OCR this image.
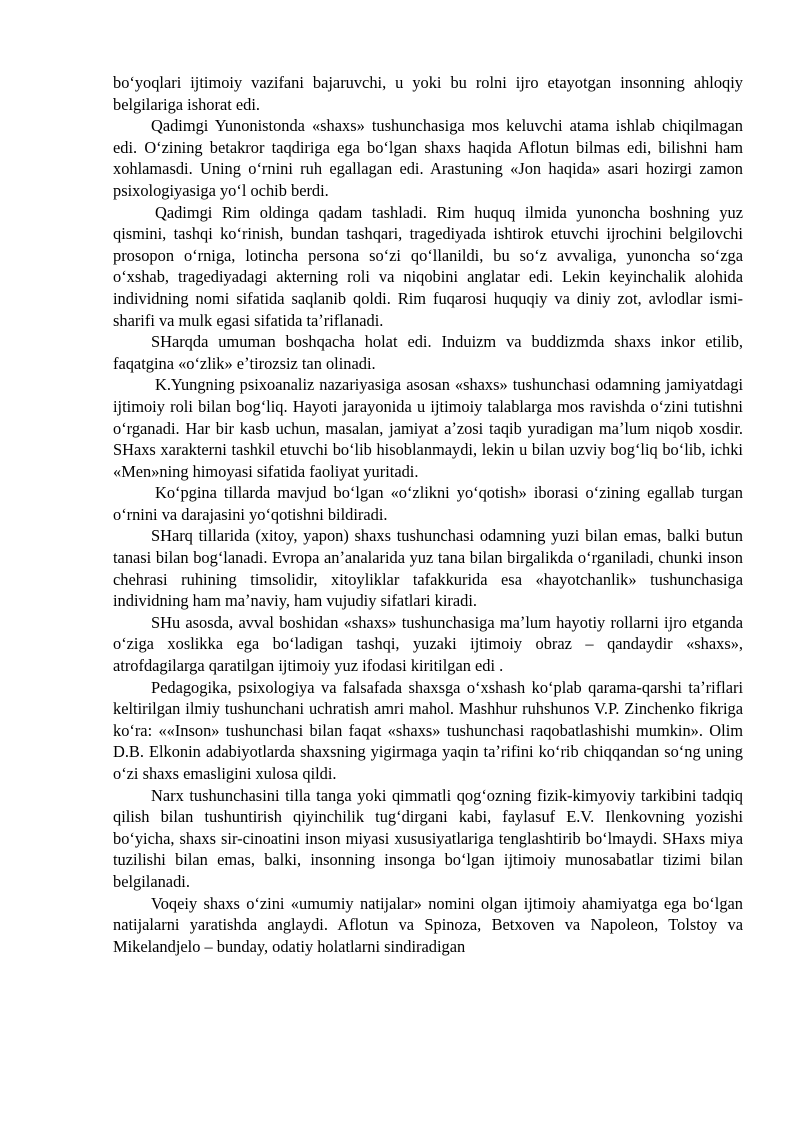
boʻyoqlari ijtimoiy vazifani bajaruvchi, u yoki bu rolni ijro etayotgan insonning ahloqiy belgilariga ishorat edi.

Qadimgi Yunonistonda «shaxs» tushunchasiga mos keluvchi atama ishlab chiqilmagan edi. Oʻzining betakror taqdiriga ega boʻlgan shaxs haqida Aflotun bilmas edi, bilishni ham xohlamasdi. Uning oʻrnini ruh egallagan edi. Arastuning «Jon haqida» asari hozirgi zamon psixologiyasiga yoʻl ochib berdi.

Qadimgi Rim oldinga qadam tashladi. Rim huquq ilmida yunoncha boshning yuz qismini, tashqi koʻrinish, bundan tashqari, tragediyada ishtirok etuvchi ijrochini belgilovchi prosopon oʻrniga, lotincha persona soʻzi qoʻllanildi, bu soʻz avvaliga, yunoncha soʻzga oʻxshab, tragediyadagi akterning roli va niqobini anglatar edi. Lekin keyinchalik alohida individning nomi sifatida saqlanib qoldi. Rim fuqarosi huquqiy va diniy zot, avlodlar ismi-sharifi va mulk egasi sifatida taʼriflanadi.

SHarqda umuman boshqacha holat edi. Induizm va buddizmda shaxs inkor etilib, faqatgina «oʻzlik» eʼtirozsiz tan olinadi.

K.Yungning psixoanaliz nazariyasiga asosan «shaxs» tushunchasi odamning jamiyatdagi ijtimoiy roli bilan bogʻliq. Hayoti jarayonida u ijtimoiy talablarga mos ravishda oʻzini tutishni oʻrganadi. Har bir kasb uchun, masalan, jamiyat aʼzosi taqib yuradigan maʼlum niqob xosdir. SHaxs xarakterni tashkil etuvchi boʻlib hisoblanmaydi, lekin u bilan uzviy bogʻliq boʻlib, ichki «Men»ning himoyasi sifatida faoliyat yuritadi.

Koʻpgina tillarda mavjud boʻlgan «oʻzlikni yoʻqotish» iborasi oʻzining egallab turgan oʻrnini va darajasini yoʻqotishni bildiradi.

SHarq tillarida (xitoy, yapon) shaxs tushunchasi odamning yuzi bilan emas, balki butun tanasi bilan bogʻlanadi. Evropa anʼanalarida yuz tana bilan birgalikda oʻrganiladi, chunki inson chehrasi ruhining timsolidir, xitoyliklar tafakkurida esa «hayotchanlik» tushunchasiga individning ham maʼnaviy, ham vujudiy sifatlari kiradi.

SHu asosda, avval boshidan «shaxs» tushunchasiga maʼlum hayotiy rollarni ijro etganda oʻziga xoslikka ega boʻladigan tashqi, yuzaki ijtimoiy obraz – qandaydir «shaxs», atrofdagilarga qaratilgan ijtimoiy yuz ifodasi kiritilgan edi .

Pedagogika, psixologiya va falsafada shaxsga oʻxshash koʻplab qarama-qarshi taʼriflari keltirilgan ilmiy tushunchani uchratish amri mahol. Mashhur ruhshunos V.P. Zinchenko fikriga koʻra: ««Inson» tushunchasi bilan faqat «shaxs» tushunchasi raqobatlashishi mumkin». Olim D.B. Elkonin adabiyotlarda shaxsning yigirmaga yaqin taʼrifini koʻrib chiqqandan soʻng uning oʻzi shaxs emasligini xulosa qildi.

Narx tushunchasini tilla tanga yoki qimmatli qogʻozning fizik-kimyoviy tarkibini tadqiq qilish bilan tushuntirish qiyinchilik tugʻdirgani kabi, faylasuf E.V. Ilenkovning yozishi boʻyicha, shaxs sir-cinoatini inson miyasi xususiyatlariga tenglashtirib boʻlmaydi. SHaxs miya tuzilishi bilan emas, balki, insonning insonga boʻlgan ijtimoiy munosabatlar tizimi bilan belgilanadi.

Voqeiy shaxs oʻzini «umumiy natijalar» nomini olgan ijtimoiy ahamiyatga ega boʻlgan natijalarni yaratishda anglaydi. Aflotun va Spinoza, Betxoven va Napoleon, Tolstoy va Mikelandjelo – bunday, odatiy holatlarni sindiradigan
